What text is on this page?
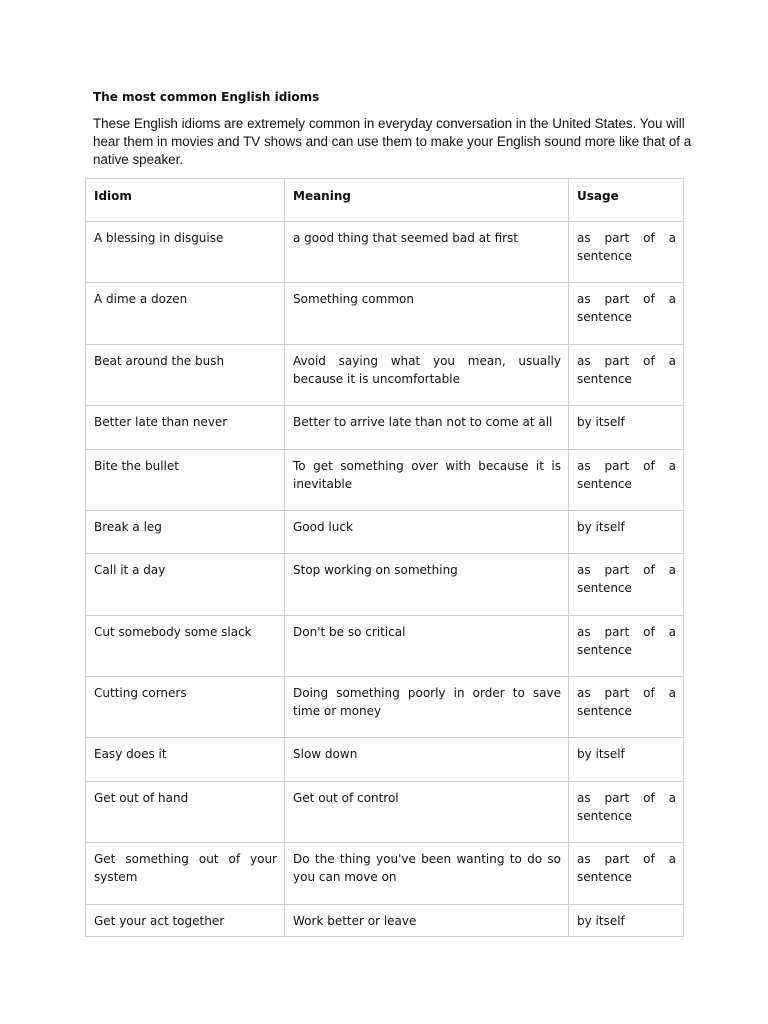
The most common English idioms
These English idioms are extremely common in everyday conversation in the United States. You will
hear them in movies and TV shows and can use them to make your English sound more like that of a
native speaker.
Idiom	Meaning	Usage

A blessing in disguise	a good thing that seemed bad at first	as part of a sentence

A dime a dozen	Something common	as part of a sentence

Beat around the bush	Avoid saying what you mean, usually because it is uncomfortable	as part of a sentence

Better late than never	Better to arrive late than not to come at all	by itself

Bite the bullet	To get something over with because it is inevitable	as part of a sentence

Break a leg	Good luck	by itself

Call it a day	Stop working on something	as part of a sentence

Cut somebody some slack	Don't be so critical	as part of a sentence

Cutting corners	Doing something poorly in order to save time or money	as part of a sentence

Easy does it	Slow down	by itself

Get out of hand	Get out of control	as part of a sentence

Get something out of your system	Do the thing you've been wanting to do so you can move on	as part of a sentence

Get your act together	Work better or leave	by itself
